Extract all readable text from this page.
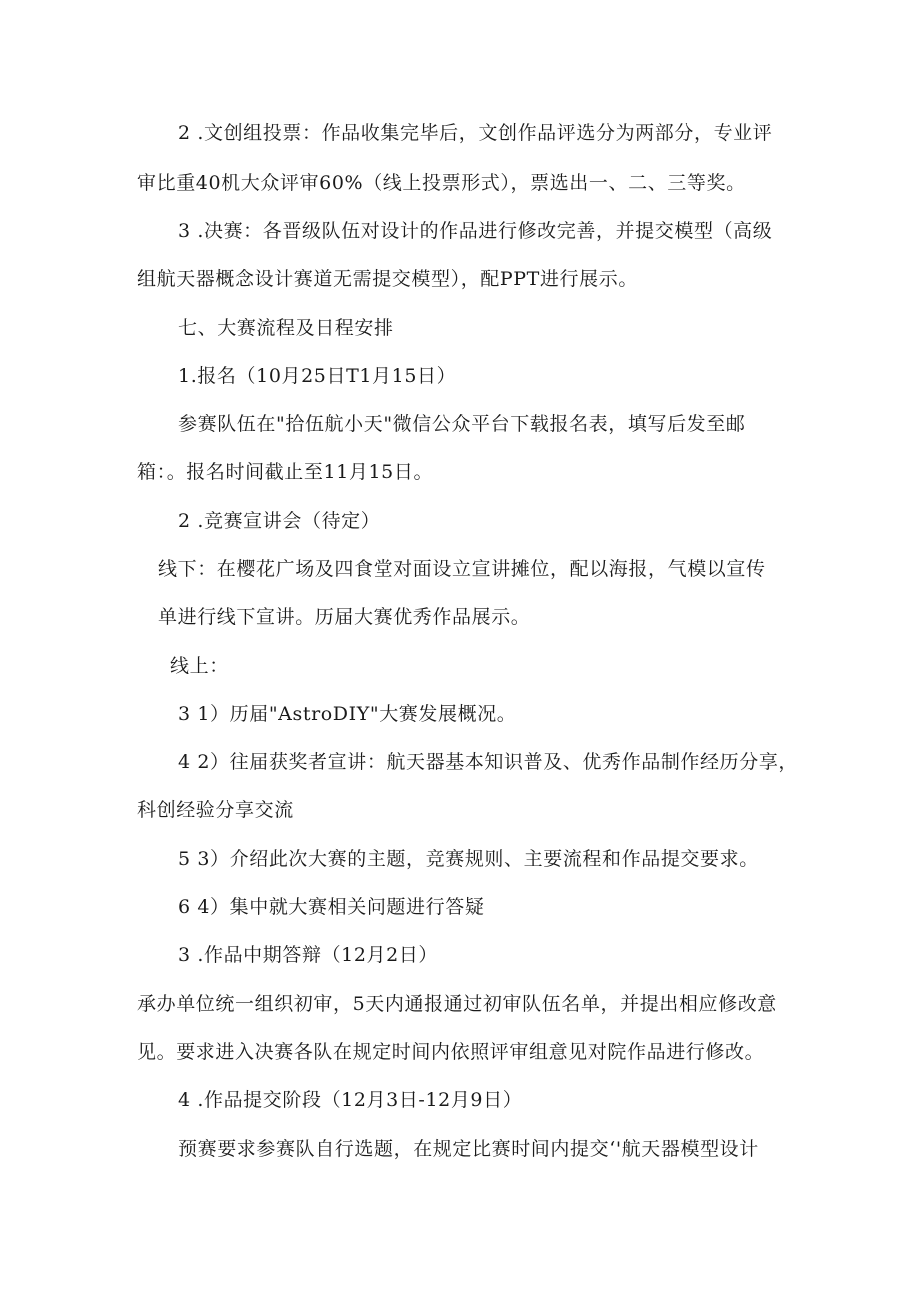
2 .文创组投票：作品收集完毕后，文创作品评选分为两部分，专业评
审比重40机大众评审60%（线上投票形式），票选出一、二、三等奖。
3 .决赛：各晋级队伍对设计的作品进行修改完善，并提交模型（高级
组航天器概念设计赛道无需提交模型），配PPT进行展示。
七、大赛流程及日程安排
1.报名（10月25日T1月15日）
参赛队伍在"拾伍航小天"微信公众平台下载报名表，填写后发至邮
箱：。报名时间截止至11月15日。
2 .竞赛宣讲会（待定）
线下：在樱花广场及四食堂对面设立宣讲摊位，配以海报，气模以宣传
单进行线下宣讲。历届大赛优秀作品展示。
线上：
3 1）历届"AstroDIY"大赛发展概况。
4 2）往届获奖者宣讲：航天器基本知识普及、优秀作品制作经历分享，
科创经验分享交流
5 3）介绍此次大赛的主题，竞赛规则、主要流程和作品提交要求。
6 4）集中就大赛相关问题进行答疑
3 .作品中期答辩（12月2日）
承办单位统一组织初审，5天内通报通过初审队伍名单，并提出相应修改意
见。要求进入决赛各队在规定时间内依照评审组意见对院作品进行修改。
4 .作品提交阶段（12月3日-12月9日）
预赛要求参赛队自行选题，在规定比赛时间内提交‘'航天器模型设计
